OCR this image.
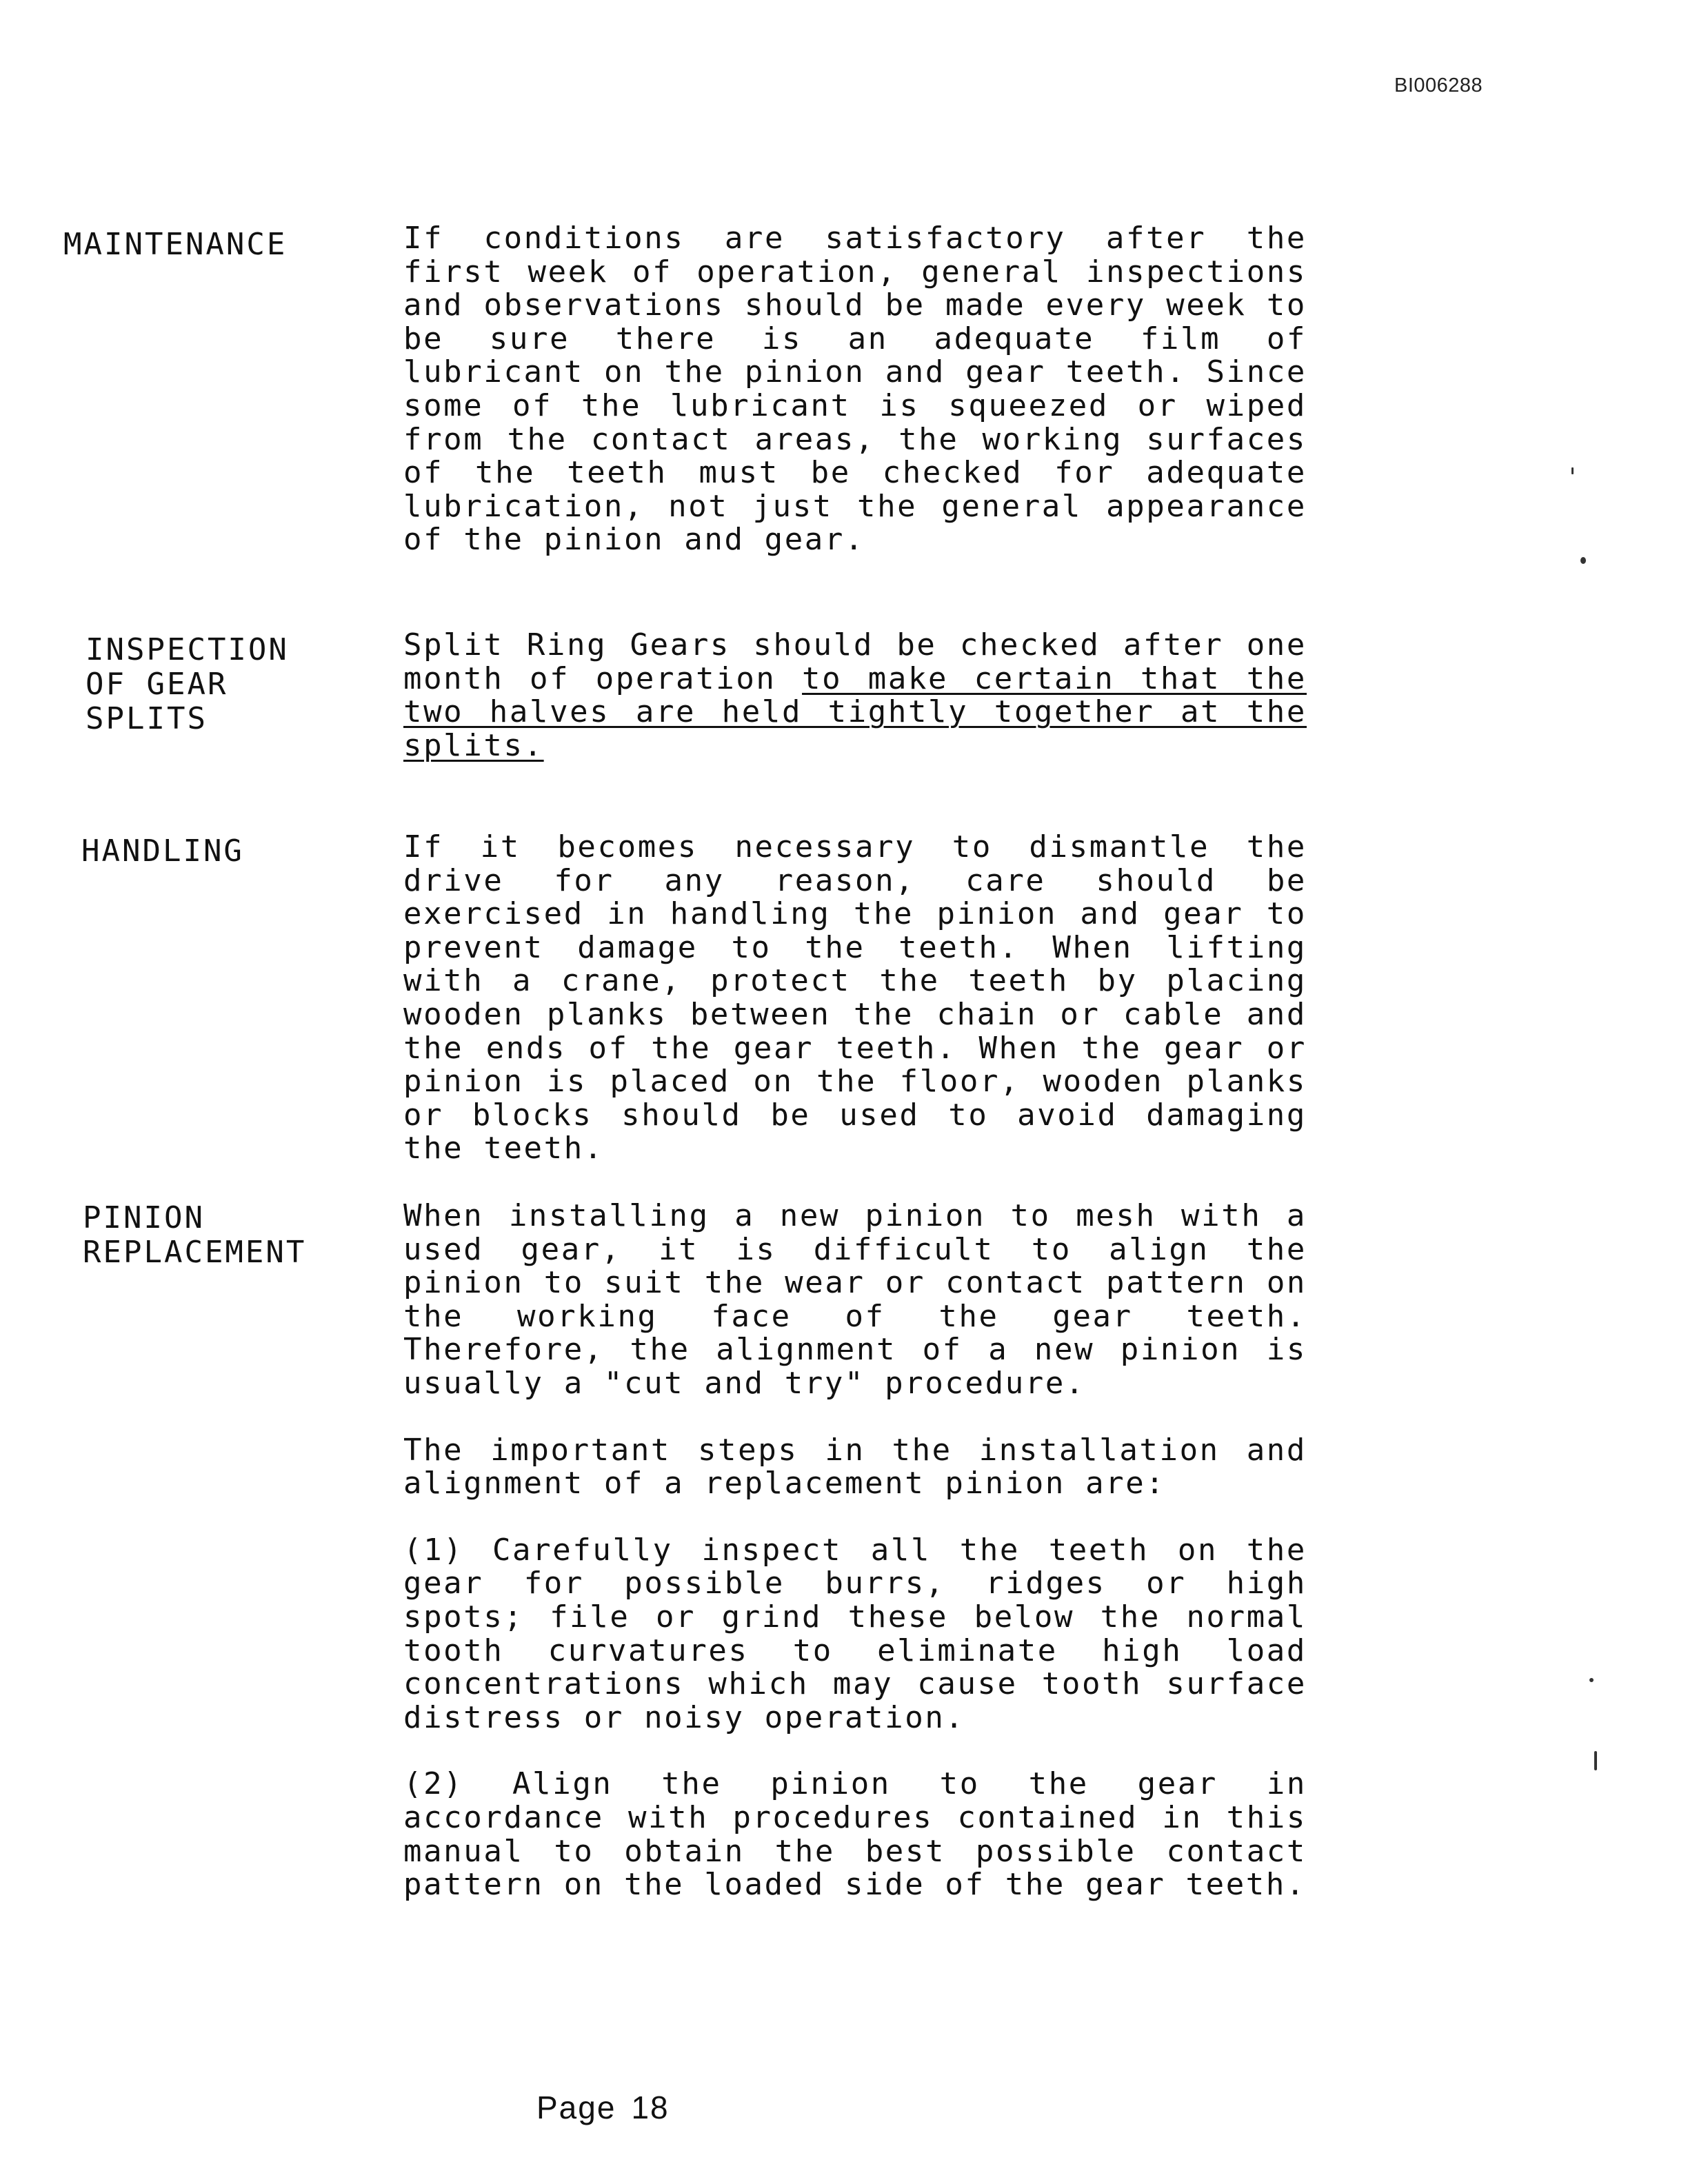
BI006288
MAINTENANCE	If conditions are satisfactory after the first week of operation, general inspections and observations should be made every week to be sure there is an adequate film of lubricant on the pinion and gear teeth. Since some of the lubricant is squeezed or wiped from the contact areas, the working surfaces of the teeth must be checked for adequate lubrication, not just the general appearance of the pinion and gear.

INSPECTION
OF GEAR
SPLITS

Split Ring Gears should be checked after one month of operation to make certain that the two halves are held tightly together at the splits.

HANDLING	If it becomes necessary to dismantle the drive for any reason, care should be exercised in handling the pinion and gear to prevent damage to the teeth. When lifting with a crane, protect the teeth by placing wooden planks between the chain or cable and the ends of the gear teeth. When the gear or pinion is placed on the floor, wooden planks or blocks should be used to avoid damaging the teeth.

PINION
REPLACEMENT

When installing a new pinion to mesh with a used gear, it is difficult to align the pinion to suit the wear or contact pattern on the working face of the gear teeth. Therefore, the alignment of a new pinion is usually a "cut and try" procedure.

The important steps in the installation and alignment of a replacement pinion are:

(1) Carefully inspect all the teeth on the gear for possible burrs, ridges or high spots; file or grind these below the normal tooth curvatures to eliminate high load concentrations which may cause tooth surface distress or noisy operation.

(2) Align the pinion to the gear in accordance with procedures contained in this manual to obtain the best possible contact pattern on the loaded side of the gear teeth.

Page 18
